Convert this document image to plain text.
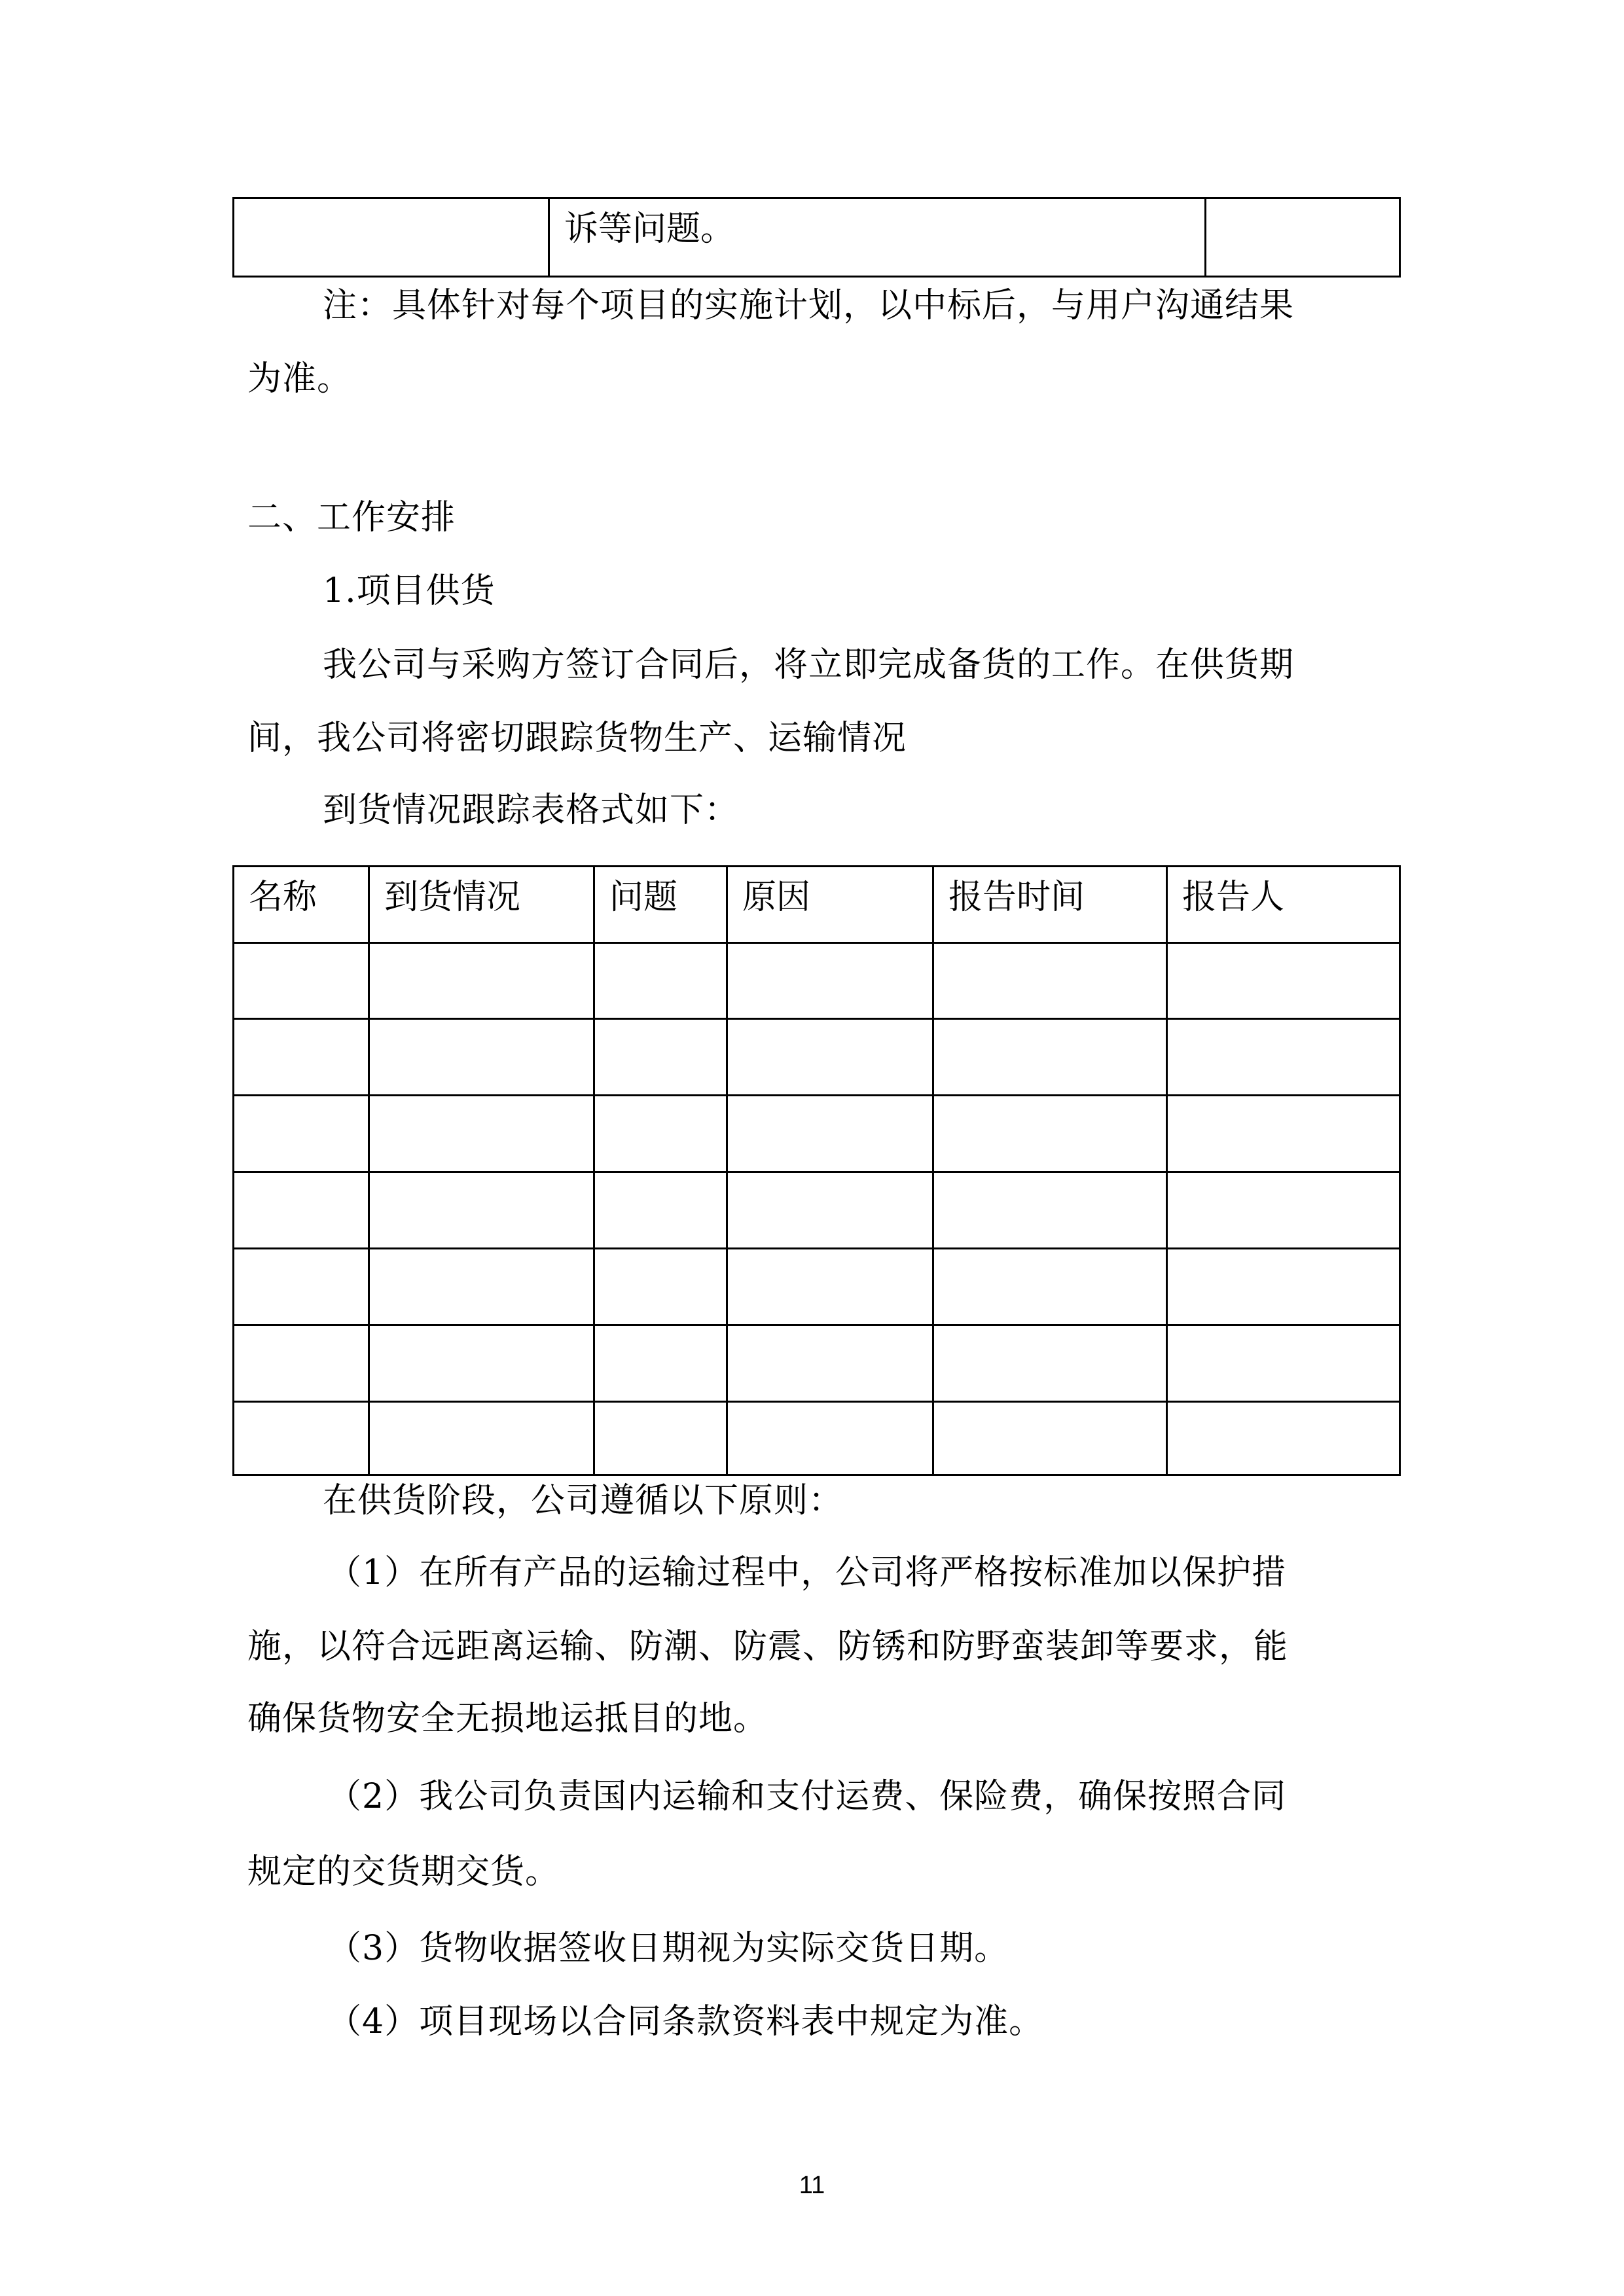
诉等问题。

注：具体针对每个项目的实施计划，以中标后，与用户沟通结果
为准。
二、工作安排
1.项目供货
我公司与采购方签订合同后，将立即完成备货的工作。在供货期
间，我公司将密切跟踪货物生产、运输情况
到货情况跟踪表格式如下：
名称	到货情况	问题	原因	报告时间	报告人

在供货阶段，公司遵循以下原则：
（1）在所有产品的运输过程中，公司将严格按标准加以保护措
施，以符合远距离运输、防潮、防震、防锈和防野蛮装卸等要求，能
确保货物安全无损地运抵目的地。
（2）我公司负责国内运输和支付运费、保险费，确保按照合同
规定的交货期交货。
（3）货物收据签收日期视为实际交货日期。
（4）项目现场以合同条款资料表中规定为准。
11
